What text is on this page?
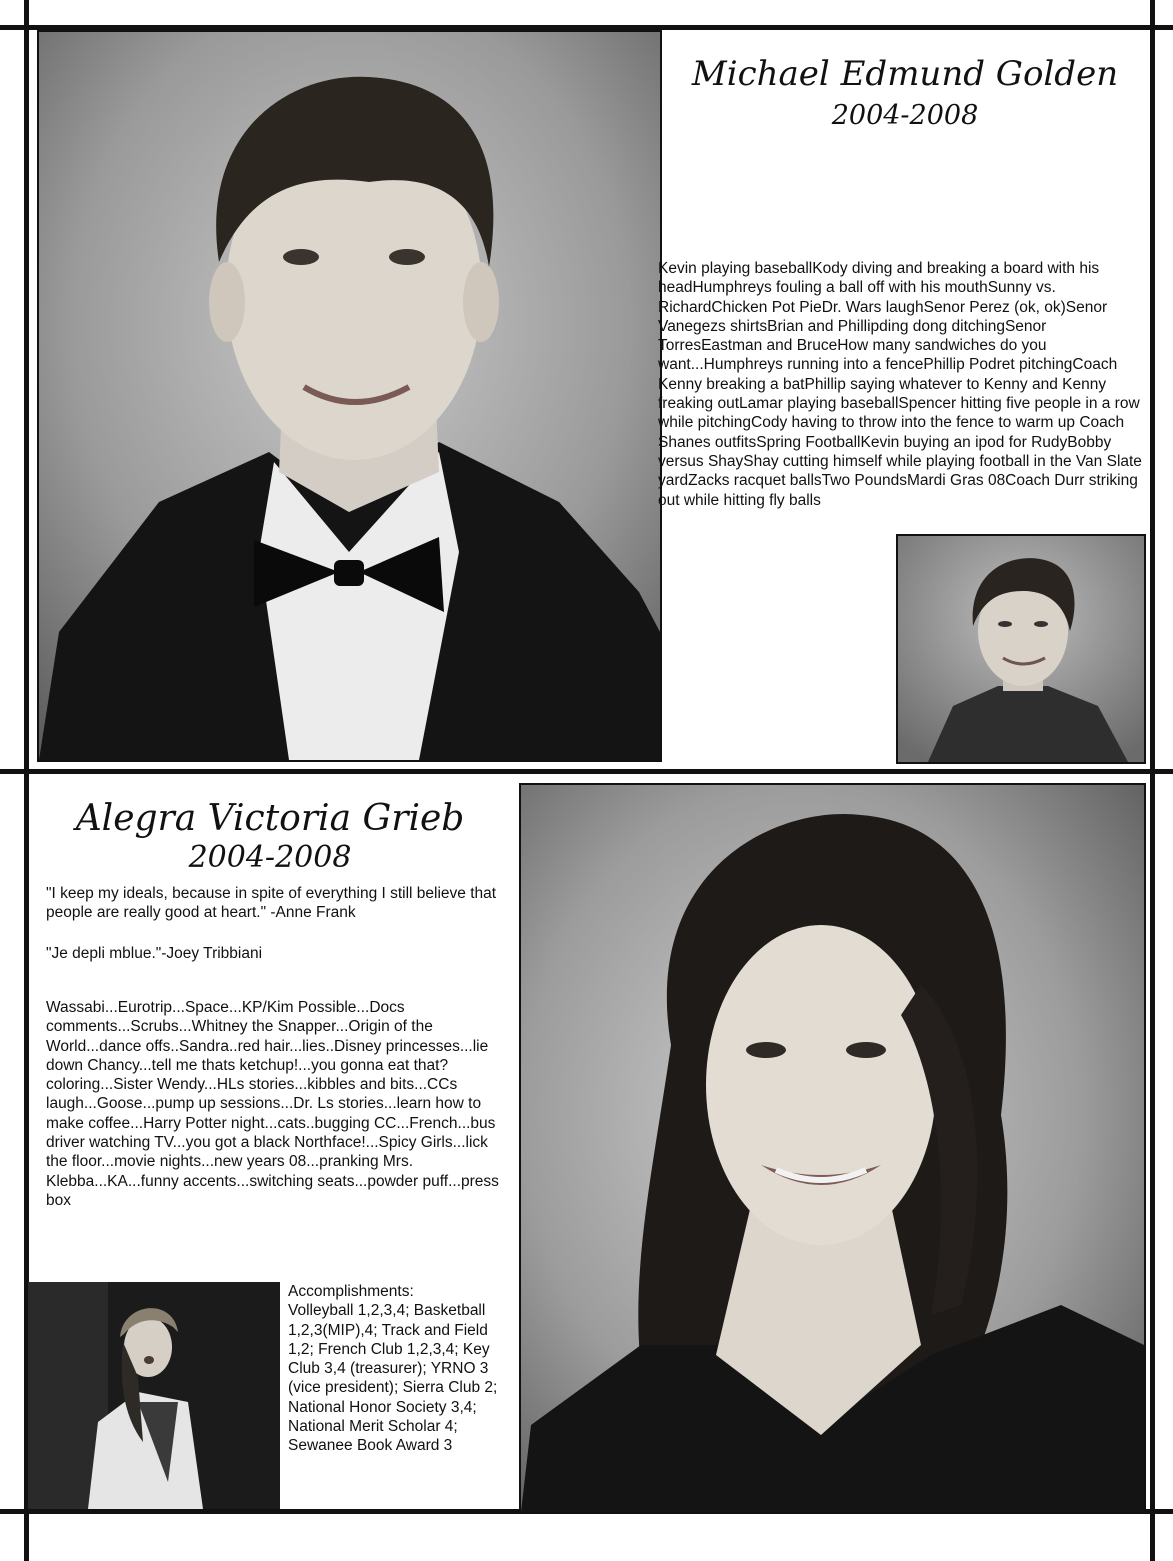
Michael Edmund Golden
2004-2008

Kevin playing baseballKody diving and breaking a board with his headHumphreys fouling a ball off with his mouthSunny vs. RichardChicken Pot PieDr. Wars laughSenor Perez (ok, ok)Senor Vanegezs shirtsBrian and Phillipding dong ditchingSenor TorresEastman and BruceHow many sandwiches do you want...Humphreys running into a fencePhillip Podret pitchingCoach Kenny breaking a batPhillip saying whatever to Kenny and Kenny freaking outLamar playing baseballSpencer hitting five people in a row while pitchingCody having to throw into the fence to warm up Coach Shanes outfitsSpring FootballKevin buying an ipod for RudyBobby versus ShayShay cutting himself while playing football in the Van Slate yardZacks racquet ballsTwo PoundsMardi Gras 08Coach Durr striking out while hitting fly balls

Alegra Victoria Grieb
2004-2008

"I keep my ideals, because in spite of everything I still believe that people are really good at heart." -Anne Frank

"Je depli mblue."-Joey Tribbiani

Wassabi...Eurotrip...Space...KP/Kim Possible...Docs comments...Scrubs...Whitney the Snapper...Origin of the World...dance offs..Sandra..red hair...lies..Disney princesses...lie down Chancy...tell me thats ketchup!...you gonna eat that?coloring...Sister Wendy...HLs stories...kibbles and bits...CCs laugh...Goose...pump up sessions...Dr. Ls stories...learn how to make coffee...Harry Potter night...cats..bugging CC...French...bus driver watching TV...you got a black Northface!...Spicy Girls...lick the floor...movie nights...new years 08...pranking Mrs. Klebba...KA...funny accents...switching seats...powder puff...press box

Accomplishments:

Volleyball 1,2,3,4; Basketball 1,2,3(MIP),4; Track and Field 1,2; French Club 1,2,3,4; Key Club 3,4 (treasurer); YRNO 3 (vice president); Sierra Club 2; National Honor Society 3,4; National Merit Scholar 4; Sewanee Book Award 3
